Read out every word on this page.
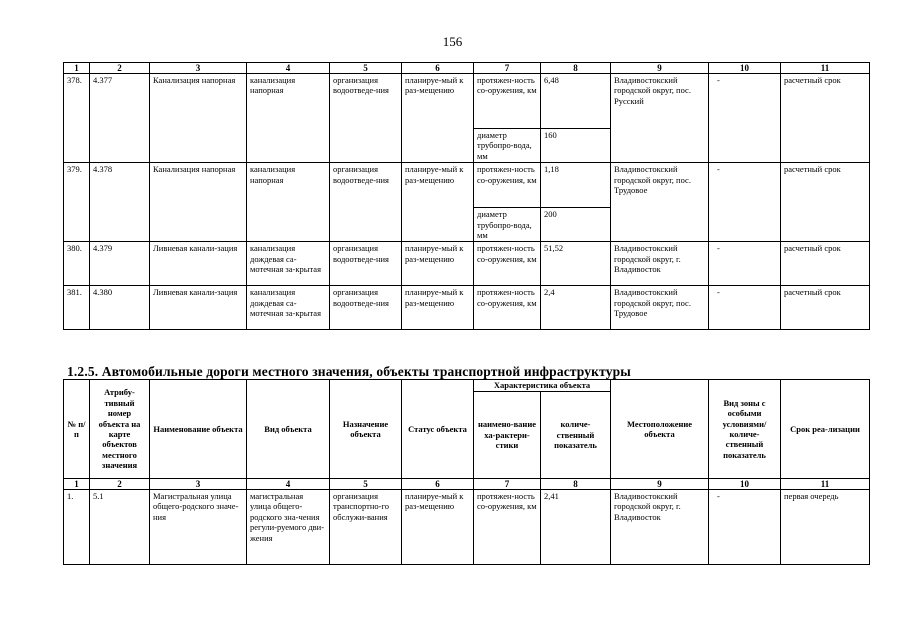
156
1	2	3	4	5	6	7	8	9	10	11
378.	4.377	Канализация напорная	канализация напорная	организация водоотведе-ния	планируе-мый к раз-мещению	протяжен-ность со-оружения, км	6,48	Владивостокский городской округ, пос. Русский	-	расчетный срок
						диаметр трубопро-вода, мм	160			
379.	4.378	Канализация напорная	канализация напорная	организация водоотведе-ния	планируе-мый к раз-мещению	протяжен-ность со-оружения, км	1,18	Владивостокский городской округ, пос. Трудовое	-	расчетный срок
						диаметр трубопро-вода, мм	200			
380.	4.379	Ливневая канали-зация	канализация дождевая са-мотечная за-крытая	организация водоотведе-ния	планируе-мый к раз-мещению	протяжен-ность со-оружения, км	51,52	Владивостокский городской округ, г. Владивосток	-	расчетный срок
381.	4.380	Ливневая канали-зация	канализация дождевая са-мотечная за-крытая	организация водоотведе-ния	планируе-мый к раз-мещению	протяжен-ность со-оружения, км	2,4	Владивостокский городской округ, пос. Трудовое	-	расчетный срок
1.2.5. Автомобильные дороги местного значения, объекты транспортной инфраструктуры
№ п/п	Атрибу-тивный номер объекта на карте объектов местного значения	Наименование объекта	Вид объекта	Назначение объекта	Статус объекта	Характеристика объекта		Местоположение объекта	Вид зоны с особыми условиями/ количе-ственный показатель	Срок реа-лизации
						наимено-вание ха-рактери-стики	количе-ственный показатель			
1	2	3	4	5	6	7	8	9	10	11
1.	5.1	Магистральная улица общего-родского значе-ния	магистральная улица общего-родского зна-чения регули-руемого дви-жения	организация транспортно-го обслужи-вания	планируе-мый к раз-мещению	протяжен-ность со-оружения, км	2,41	Владивостокский городской округ, г. Владивосток	-	первая очередь
